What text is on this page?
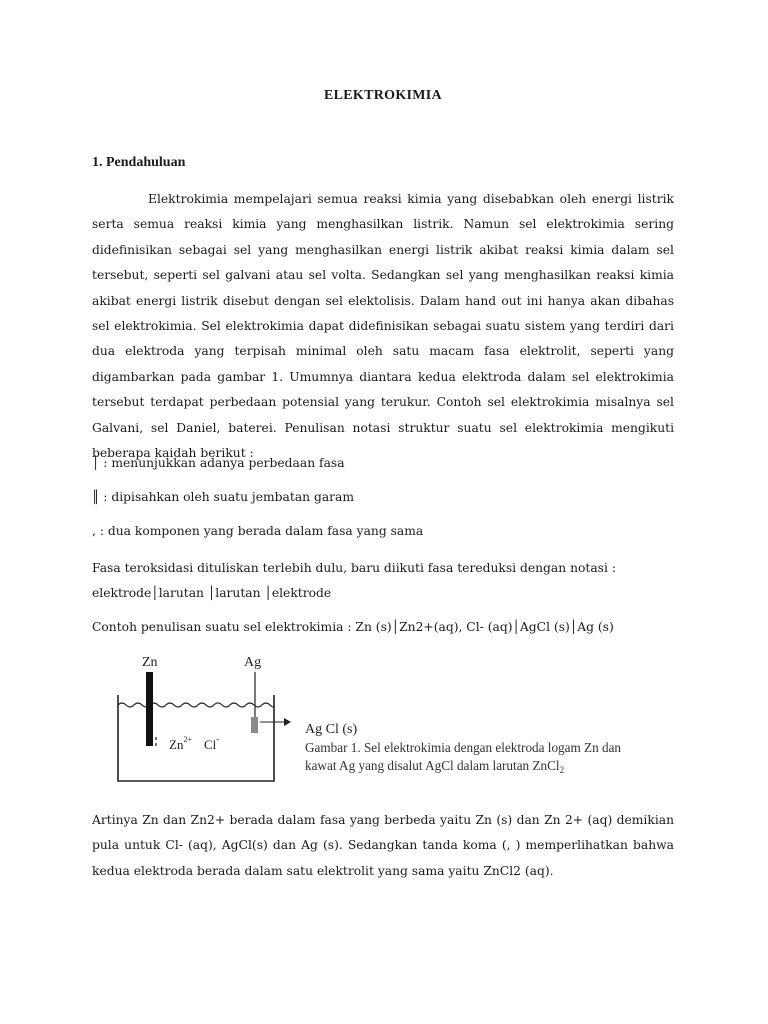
ELEKTROKIMIA
1. Pendahuluan

Elektrokimia mempelajari semua reaksi kimia yang disebabkan oleh energi listrik serta semua reaksi kimia yang menghasilkan listrik. Namun sel elektrokimia sering didefinisikan sebagai sel yang menghasilkan energi listrik akibat reaksi kimia dalam sel tersebut, seperti sel galvani atau sel volta. Sedangkan sel yang menghasilkan reaksi kimia akibat energi listrik disebut dengan sel elektolisis. Dalam hand out ini hanya akan dibahas sel elektrokimia. Sel elektrokimia dapat didefinisikan sebagai suatu sistem yang terdiri dari dua elektroda yang terpisah minimal oleh satu macam fasa elektrolit, seperti yang digambarkan pada gambar 1. Umumnya diantara kedua elektroda dalam sel elektrokimia tersebut terdapat perbedaan potensial yang terukur. Contoh sel elektrokimia misalnya sel Galvani, sel Daniel, baterei. Penulisan notasi struktur suatu sel elektrokimia mengikuti beberapa kaidah berikut :

│ : menunjukkan adanya perbedaan fasa
║ : dipisahkan oleh suatu jembatan garam
, : dua komponen yang berada dalam fasa yang sama

Fasa teroksidasi dituliskan terlebih dulu, baru diikuti fasa tereduksi dengan notasi :

elektrode│larutan │larutan │elektrode

Contoh penulisan suatu sel elektrokimia : Zn (s)│Zn2+(aq), Cl- (aq)│AgCl (s)│Ag (s)
Zn	Ag
Ag Cl (s)
$Zn^{2+}$ Cl-
Gambar 1. Sel elektrokimia dengan elektroda logam Zn dan
kawat Ag yang disalut AgCl dalam larutan ZnCl$_2$

Artinya Zn dan Zn2+ berada dalam fasa yang berbeda yaitu Zn (s) dan Zn 2+ (aq) demikian pula untuk Cl- (aq), AgCl(s) dan Ag (s). Sedangkan tanda koma (, ) memperlihatkan bahwa kedua elektroda berada dalam satu elektrolit yang sama yaitu ZnCl2 (aq).
